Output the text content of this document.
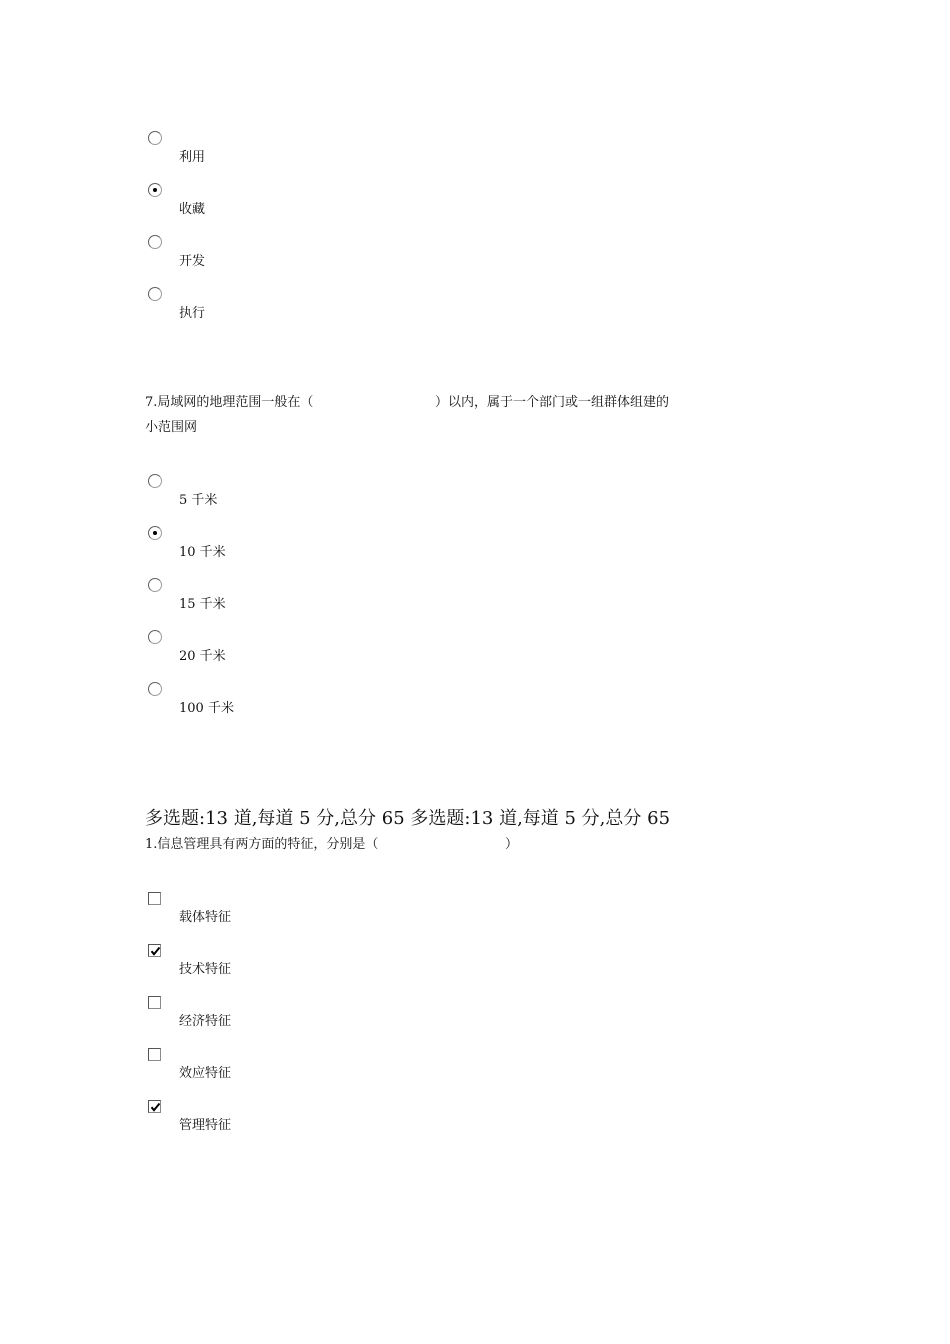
利用
收藏
开发
执行
7.局域网的地理范围一般在（	）以内，属于一个部门或一组群体组建的
小范围网
5 千米
10 千米
15 千米
20 千米
100 千米
多选题:13 道,每道 5 分,总分 65 多选题:13 道,每道 5 分,总分 65
1.信息管理具有两方面的特征，分别是（	）
载体特征
技术特征
经济特征
效应特征
管理特征
